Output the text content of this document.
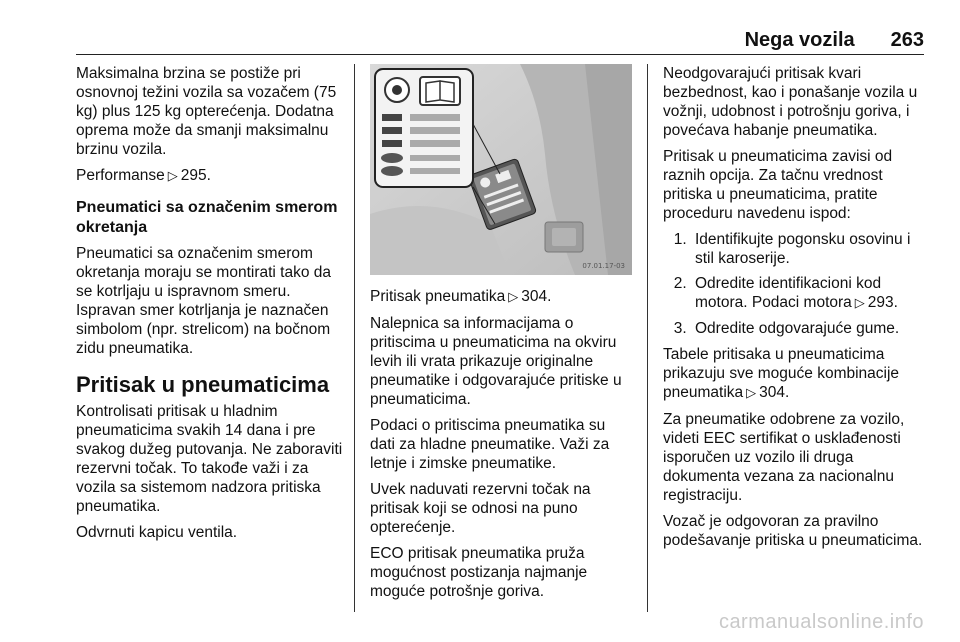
Nega vozila 263

Maksimalna brzina se postiže pri osnovnoj težini vozila sa vozačem (75 kg) plus 125 kg opterećenja. Dodatna oprema može da smanji maksimalnu brzinu vozila.

Performanse ▷ 295.

Pneumatici sa označenim smerom okretanja

Pneumatici sa označenim smerom okretanja moraju se montirati tako da se kotrljaju u ispravnom smeru. Ispravan smer kotrljanja je naznačen simbolom (npr. strelicom) na bočnom zidu pneumatika.

Pritisak u pneumaticima

Kontrolisati pritisak u hladnim pneumaticima svakih 14 dana i pre svakog dužeg putovanja. Ne zaboraviti rezervni točak. To takođe važi i za vozila sa sistemom nadzora pritiska pneumatika.

Odvrnuti kapicu ventila.

07.01.17-03

Pritisak pneumatika ▷ 304.

Nalepnica sa informacijama o pritiscima u pneumaticima na okviru levih ili vrata prikazuje originalne pneumatike i odgovarajuće pritiske u pneumaticima.

Podaci o pritiscima pneumatika su dati za hladne pneumatike. Važi za letnje i zimske pneumatike.

Uvek naduvati rezervni točak na pritisak koji se odnosi na puno opterećenje.

ECO pritisak pneumatika pruža mogućnost postizanja najmanje moguće potrošnje goriva.

Neodgovarajući pritisak kvari bezbednost, kao i ponašanje vozila u vožnji, udobnost i potrošnju goriva, i povećava habanje pneumatika.

Pritisak u pneumaticima zavisi od raznih opcija. Za tačnu vrednost pritiska u pneumaticima, pratite proceduru navedenu ispod:

1. Identifikujte pogonsku osovinu i stil karoserije.
2. Odredite identifikacioni kod motora. Podaci motora ▷ 293.
3. Odredite odgovarajuće gume.

Tabele pritisaka u pneumaticima prikazuju sve moguće kombinacije pneumatika ▷ 304.

Za pneumatike odobrene za vozilo, videti EEC sertifikat o usklađenosti isporučen uz vozilo ili druga dokumenta vezana za nacionalnu registraciju.

Vozač je odgovoran za pravilno podešavanje pritiska u pneumaticima.

carmanualsonline.info
